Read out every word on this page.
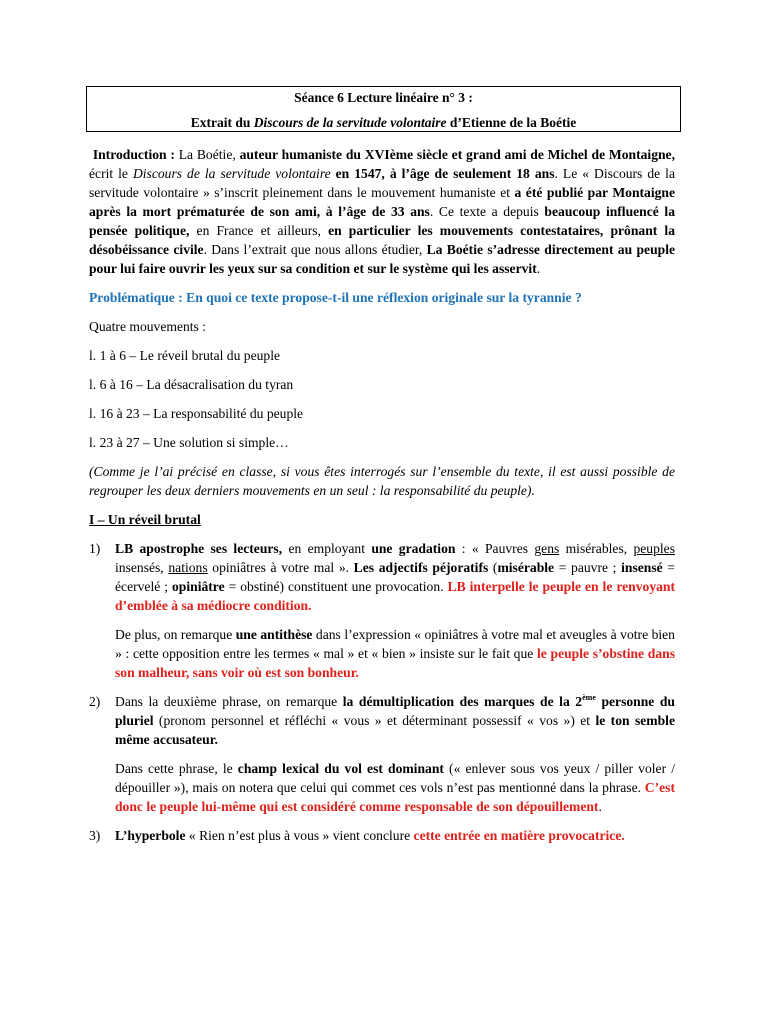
Séance 6 Lecture linéaire n° 3 :
Extrait du Discours de la servitude volontaire d’Etienne de la Boétie

Introduction : La Boétie, auteur humaniste du XVIème siècle et grand ami de Michel de Montaigne, écrit le Discours de la servitude volontaire en 1547, à l’âge de seulement 18 ans. Le « Discours de la servitude volontaire » s’inscrit pleinement dans le mouvement humaniste et a été publié par Montaigne après la mort prématurée de son ami, à l’âge de 33 ans. Ce texte a depuis beaucoup influencé la pensée politique, en France et ailleurs, en particulier les mouvements contestataires, prônant la désobéissance civile. Dans l’extrait que nous allons étudier, La Boétie s’adresse directement au peuple pour lui faire ouvrir les yeux sur sa condition et sur le système qui les asservit.

Problématique : En quoi ce texte propose-t-il une réflexion originale sur la tyrannie ?

Quatre mouvements :

l. 1 à 6 – Le réveil brutal du peuple

l. 6 à 16 – La désacralisation du tyran

l. 16 à 23 – La responsabilité du peuple

l. 23 à 27 – Une solution si simple…

(Comme je l’ai précisé en classe, si vous êtes interrogés sur l’ensemble du texte, il est aussi possible de regrouper les deux derniers mouvements en un seul : la responsabilité du peuple).

I – Un réveil brutal

1) LB apostrophe ses lecteurs, en employant une gradation : « Pauvres gens misérables, peuples insensés, nations opiniâtres à votre mal ». Les adjectifs péjoratifs (misérable = pauvre ; insensé = écervelé ; opiniâtre = obstiné) constituent une provocation. LB interpelle le peuple en le renvoyant d’emblée à sa médiocre condition.
De plus, on remarque une antithèse dans l’expression « opiniâtres à votre mal et aveugles à votre bien » : cette opposition entre les termes « mal » et « bien » insiste sur le fait que le peuple s’obstine dans son malheur, sans voir où est son bonheur.
2) Dans la deuxième phrase, on remarque la démultiplication des marques de la 2ème personne du pluriel (pronom personnel et réfléchi « vous » et déterminant possessif « vos ») et le ton semble même accusateur.
Dans cette phrase, le champ lexical du vol est dominant (« enlever sous vos yeux / piller voler / dépouiller »), mais on notera que celui qui commet ces vols n’est pas mentionné dans la phrase. C’est donc le peuple lui-même qui est considéré comme responsable de son dépouillement.
3) L’hyperbole « Rien n’est plus à vous » vient conclure cette entrée en matière provocatrice.
